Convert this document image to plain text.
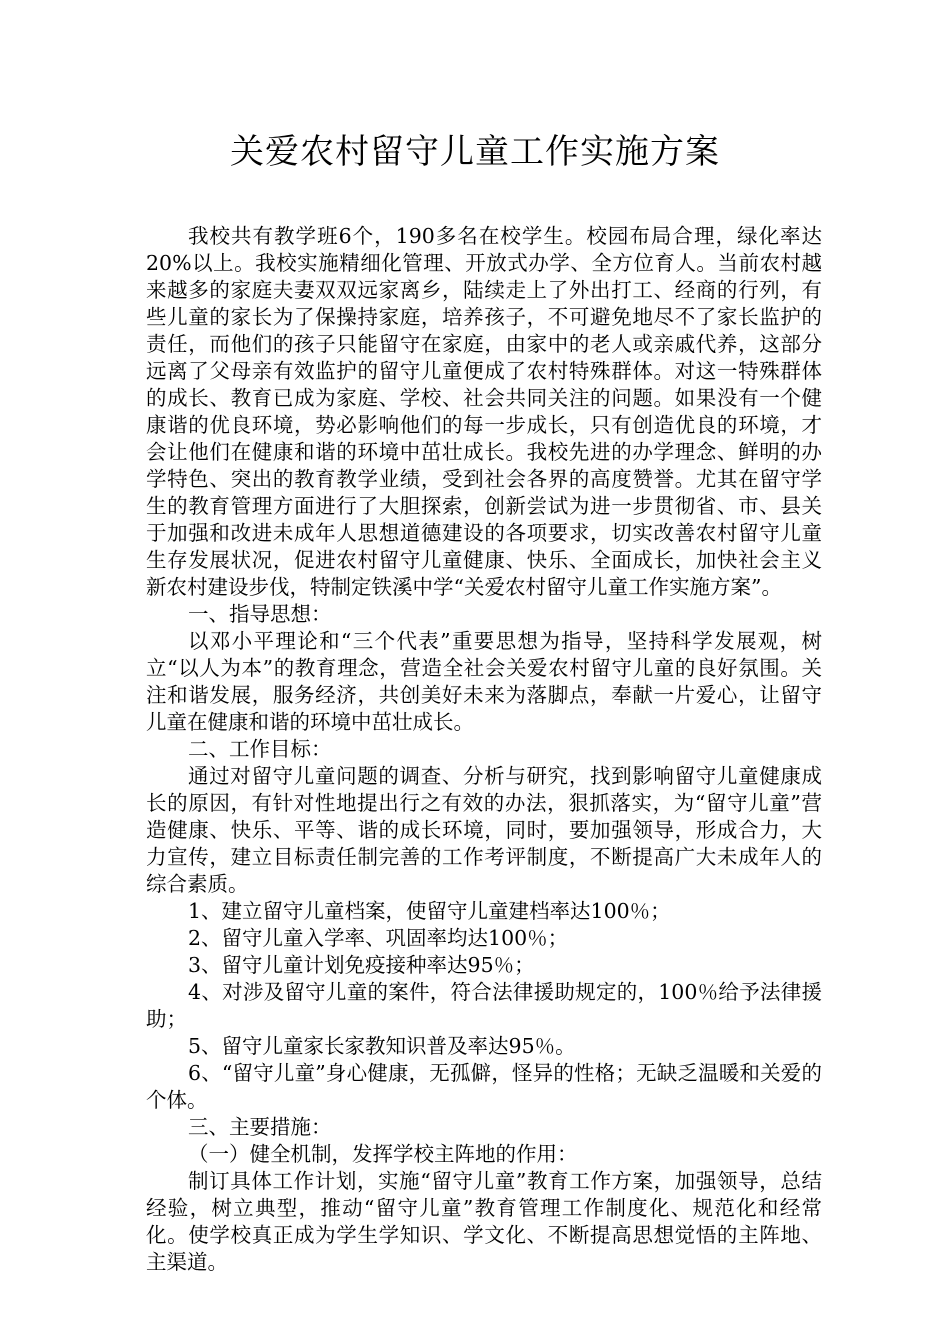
关爱农村留守儿童工作实施方案

我校共有教学班6个，190多名在校学生。校园布局合理，绿化率达20%以上。我校实施精细化管理、开放式办学、全方位育人。当前农村越来越多的家庭夫妻双双远家离乡，陆续走上了外出打工、经商的行列，有些儿童的家长为了保操持家庭，培养孩子，不可避免地尽不了家长监护的责任，而他们的孩子只能留守在家庭，由家中的老人或亲戚代养，这部分远离了父母亲有效监护的留守儿童便成了农村特殊群体。对这一特殊群体的成长、教育已成为家庭、学校、社会共同关注的问题。如果没有一个健康谐的优良环境，势必影响他们的每一步成长，只有创造优良的环境，才会让他们在健康和谐的环境中茁壮成长。我校先进的办学理念、鲜明的办学特色、突出的教育教学业绩，受到社会各界的高度赞誉。尤其在留守学生的教育管理方面进行了大胆探索，创新尝试为进一步贯彻省、市、县关于加强和改进未成年人思想道德建设的各项要求，切实改善农村留守儿童生存发展状况，促进农村留守儿童健康、快乐、全面成长，加快社会主义新农村建设步伐，特制定铁溪中学“关爱农村留守儿童工作实施方案”。

一、指导思想：

以邓小平理论和“三个代表”重要思想为指导，坚持科学发展观，树立“以人为本”的教育理念，营造全社会关爱农村留守儿童的良好氛围。关注和谐发展，服务经济，共创美好未来为落脚点，奉献一片爱心，让留守儿童在健康和谐的环境中茁壮成长。

二、工作目标：

通过对留守儿童问题的调查、分析与研究，找到影响留守儿童健康成长的原因，有针对性地提出行之有效的办法，狠抓落实，为“留守儿童”营造健康、快乐、平等、谐的成长环境，同时，要加强领导，形成合力，大力宣传，建立目标责任制完善的工作考评制度，不断提高广大未成年人的综合素质。

1、建立留守儿童档案，使留守儿童建档率达100％；

2、留守儿童入学率、巩固率均达100％；

3、留守儿童计划免疫接种率达95％；

4、对涉及留守儿童的案件，符合法律援助规定的，100％给予法律援助；

5、留守儿童家长家教知识普及率达95％。

6、“留守儿童”身心健康，无孤僻，怪异的性格；无缺乏温暖和关爱的个体。

三、主要措施：

（一）健全机制，发挥学校主阵地的作用：

制订具体工作计划，实施“留守儿童”教育工作方案，加强领导，总结经验，树立典型，推动“留守儿童”教育管理工作制度化、规范化和经常化。使学校真正成为学生学知识、学文化、不断提高思想觉悟的主阵地、主渠道。
